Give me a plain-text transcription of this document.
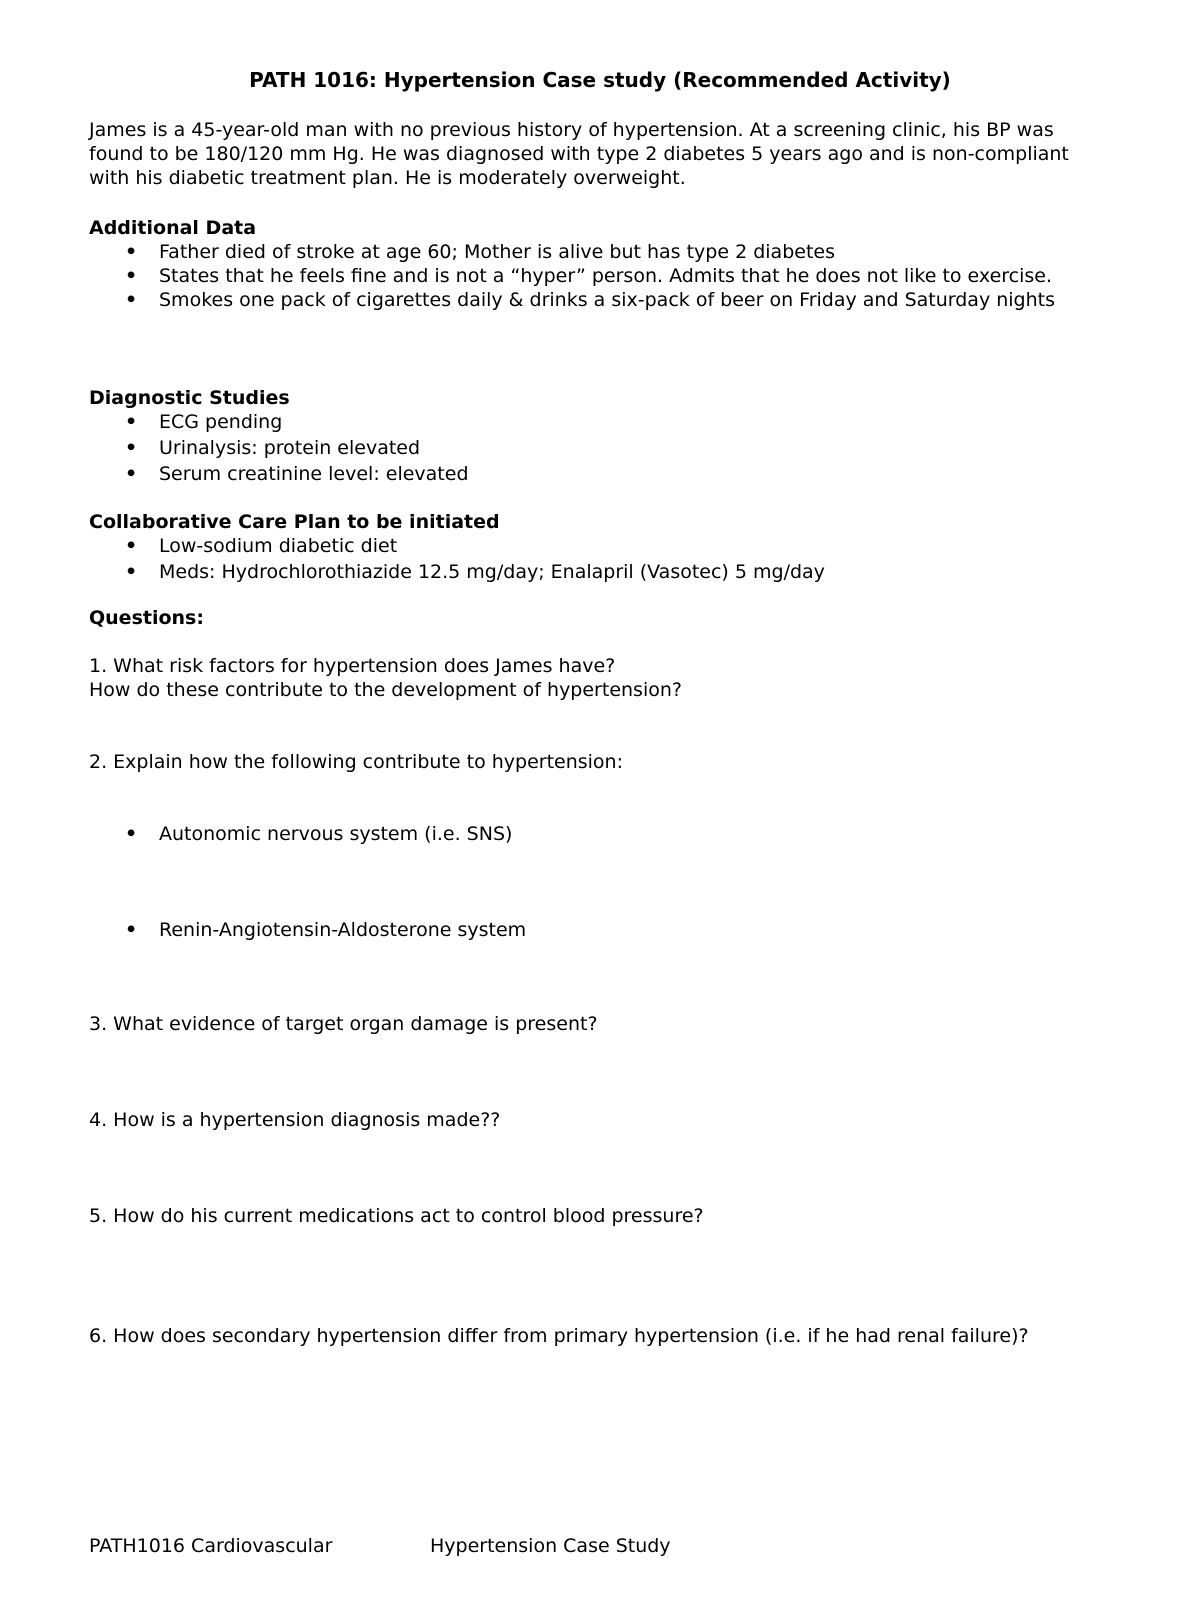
PATH 1016: Hypertension Case study (Recommended Activity)
James is a 45-year-old man with no previous history of hypertension. At a screening clinic, his BP was found to be 180/120 mm Hg. He was diagnosed with type 2 diabetes 5 years ago and is non-compliant with his diabetic treatment plan. He is moderately overweight.
Additional Data
• Father died of stroke at age 60; Mother is alive but has type 2 diabetes
• States that he feels fine and is not a “hyper” person. Admits that he does not like to exercise.
• Smokes one pack of cigarettes daily & drinks a six-pack of beer on Friday and Saturday nights
Diagnostic Studies
• ECG pending
• Urinalysis: protein elevated
• Serum creatinine level: elevated
Collaborative Care Plan to be initiated
• Low-sodium diabetic diet
• Meds: Hydrochlorothiazide 12.5 mg/day; Enalapril (Vasotec) 5 mg/day
Questions:
1. What risk factors for hypertension does James have?
How do these contribute to the development of hypertension?
2. Explain how the following contribute to hypertension:
• Autonomic nervous system (i.e. SNS)
• Renin-Angiotensin-Aldosterone system
3. What evidence of target organ damage is present?
4. How is a hypertension diagnosis made??
5. How do his current medications act to control blood pressure?
6. How does secondary hypertension differ from primary hypertension (i.e. if he had renal failure)?
PATH1016 Cardiovascular	Hypertension Case Study
